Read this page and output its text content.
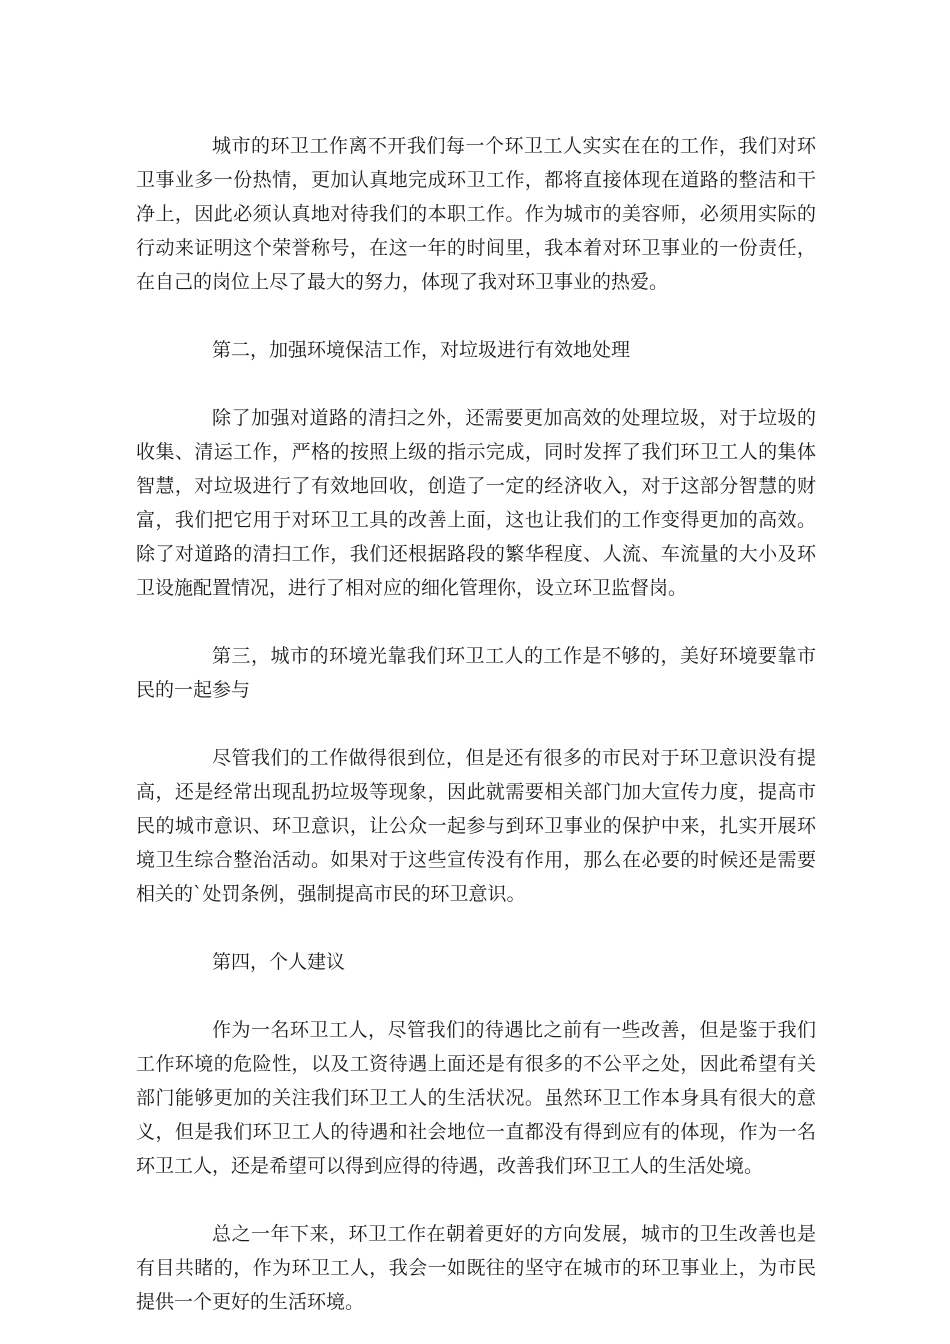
城市的环卫工作离不开我们每一个环卫工人实实在在的工作，我们对环卫事业多一份热情，更加认真地完成环卫工作，都将直接体现在道路的整洁和干净上，因此必须认真地对待我们的本职工作。作为城市的美容师，必须用实际的行动来证明这个荣誉称号，在这一年的时间里，我本着对环卫事业的一份责任，在自己的岗位上尽了最大的努力，体现了我对环卫事业的热爱。

第二，加强环境保洁工作，对垃圾进行有效地处理

除了加强对道路的清扫之外，还需要更加高效的处理垃圾，对于垃圾的收集、清运工作，严格的按照上级的指示完成，同时发挥了我们环卫工人的集体智慧，对垃圾进行了有效地回收，创造了一定的经济收入，对于这部分智慧的财富，我们把它用于对环卫工具的改善上面，这也让我们的工作变得更加的高效。除了对道路的清扫工作，我们还根据路段的繁华程度、人流、车流量的大小及环卫设施配置情况，进行了相对应的细化管理你，设立环卫监督岗。

第三，城市的环境光靠我们环卫工人的工作是不够的，美好环境要靠市民的一起参与

尽管我们的工作做得很到位，但是还有很多的市民对于环卫意识没有提高，还是经常出现乱扔垃圾等现象，因此就需要相关部门加大宣传力度，提高市民的城市意识、环卫意识，让公众一起参与到环卫事业的保护中来，扎实开展环境卫生综合整治活动。如果对于这些宣传没有作用，那么在必要的时候还是需要相关的`处罚条例，强制提高市民的环卫意识。

第四，个人建议

作为一名环卫工人，尽管我们的待遇比之前有一些改善，但是鉴于我们工作环境的危险性，以及工资待遇上面还是有很多的不公平之处，因此希望有关部门能够更加的关注我们环卫工人的生活状况。虽然环卫工作本身具有很大的意义，但是我们环卫工人的待遇和社会地位一直都没有得到应有的体现，作为一名环卫工人，还是希望可以得到应得的待遇，改善我们环卫工人的生活处境。

总之一年下来，环卫工作在朝着更好的方向发展，城市的卫生改善也是有目共睹的，作为环卫工人，我会一如既往的坚守在城市的环卫事业上，为市民提供一个更好的生活环境。
